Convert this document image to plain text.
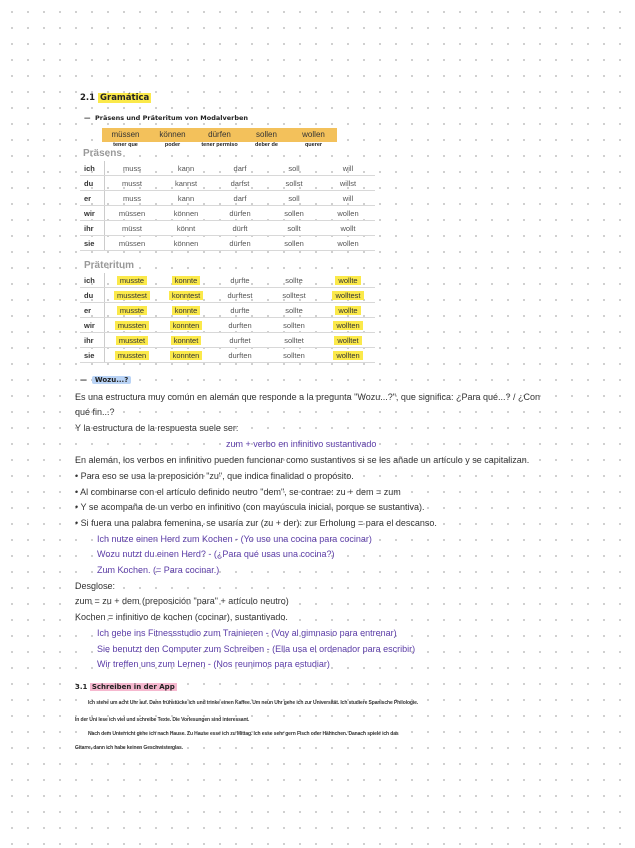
2.1 Gramática
—  Präsens und Präteritum von Modalverben
müssen	können	dürfen	sollen	wollen
tener que	poder	tener permiso	deber de	querer
Präsens
ich	muss	kann	darf	soll	will
du	musst	kannst	darfst	sollst	willst
er	muss	kann	darf	soll	will
wir	müssen	können	dürfen	sollen	wollen
ihr	müsst	könnt	dürft	sollt	wollt
sie	müssen	können	dürfen	sollen	wollen
Präteritum
ich	musste	konnte	durfte	sollte	wollte
du	musstest	konntest	durftest	solltest	wolltest
er	musste	konnte	durfte	sollte	wollte
wir	mussten	konnten	durften	sollten	wollten
ihr	musstet	konntet	durftet	solltet	wolltet
sie	mussten	konnten	durften	sollten	wollten
—  Wozu...?
Es una estructura muy común en alemán que responde a la pregunta "Wozu...?", que significa: ¿Para qué...? / ¿Con
qué fin...?
Y la estructura de la respuesta suele ser:
zum + verbo en infinitivo sustantivado
En alemán, los verbos en infinitivo pueden funcionar como sustantivos si se les añade un artículo y se capitalizan.
• Para eso se usa la preposición "zu", que indica finalidad o propósito.
• Al combinarse con el artículo definido neutro "dem", se contrae: zu + dem = zum
• Y se acompaña de un verbo en infinitivo (con mayúscula inicial, porque se sustantiva).
• Si fuera una palabra femenina, se usaría zur (zu + der): zur Erholung = para el descanso.
Ich nutze einen Herd zum Kochen - (Yo uso una cocina para cocinar)
Wozu nutzt du einen Herd? - (¿Para qué usas una cocina?)
Zum Kochen. (= Para cocinar.)
Desglose:
zum = zu + dem (preposición "para" + artículo neutro)
Kochen = infinitivo de kochen (cocinar), sustantivado.
Ich gehe ins Fitnessstudio zum Trainieren - (Voy al gimnasio para entrenar)
Sie benutzt den Computer zum Schreiben - (Ella usa el ordenador para escribir)
Wir treffen uns zum Lernen - (Nos reunimos para estudiar)
3.1 Schreiben in der App
Ich stehe um acht Uhr auf. Dann frühstücke ich und trinke einen Kaffee. Um neun Uhr gehe ich zur Universität. Ich studiere Spanische Philologie.
In der Uni lese ich viel und schreibe Texte. Die Vorlesungen sind interessant.
Nach dem Unterricht gehe ich nach Hause. Zu Hause esse ich zu Mittag. Ich esse sehr gern Fisch oder Hähnchen. Danach spiele ich das
Gitarre, dann ich habe keinen Geschwisterglas.
